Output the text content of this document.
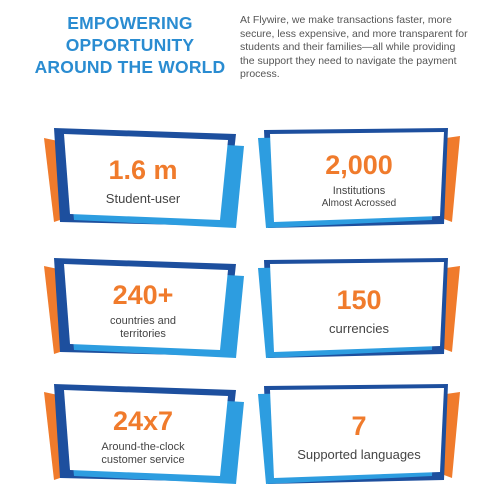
EMPOWERING
OPPORTUNITY
AROUND THE WORLD
At Flywire, we make transactions faster, more secure, less expensive, and more transparent for students and their families—all while providing the support they need to navigate the payment process.
1.6 m
Student-user
2,000
Institutions
Almost Acrossed
240+
countries and
territories
150
currencies
24x7
Around-the-clock
customer service
7
Supported languages
